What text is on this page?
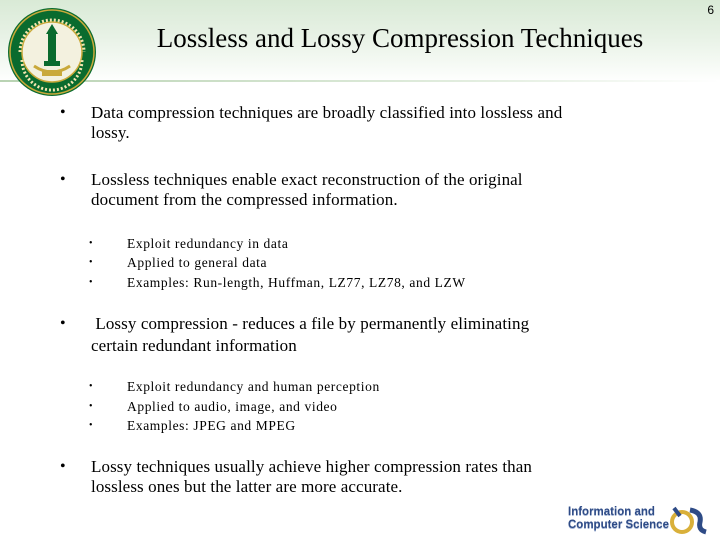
6
Lossless and Lossy Compression Techniques
• Data compression techniques are broadly classified into lossless and
lossy.
• Lossless techniques enable exact reconstruction of the original
document from the compressed information.
•	Exploit redundancy in data
•	Applied to general data
•	Examples: Run-length, Huffman, LZ77, LZ78, and LZW
• Lossy compression - reduces a file by permanently eliminating
certain redundant information
•	Exploit redundancy and human perception
•	Applied to audio, image, and video
•	Examples: JPEG and MPEG
• Lossy techniques usually achieve higher compression rates than
lossless ones but the latter are more accurate.
Information and
Computer Science
